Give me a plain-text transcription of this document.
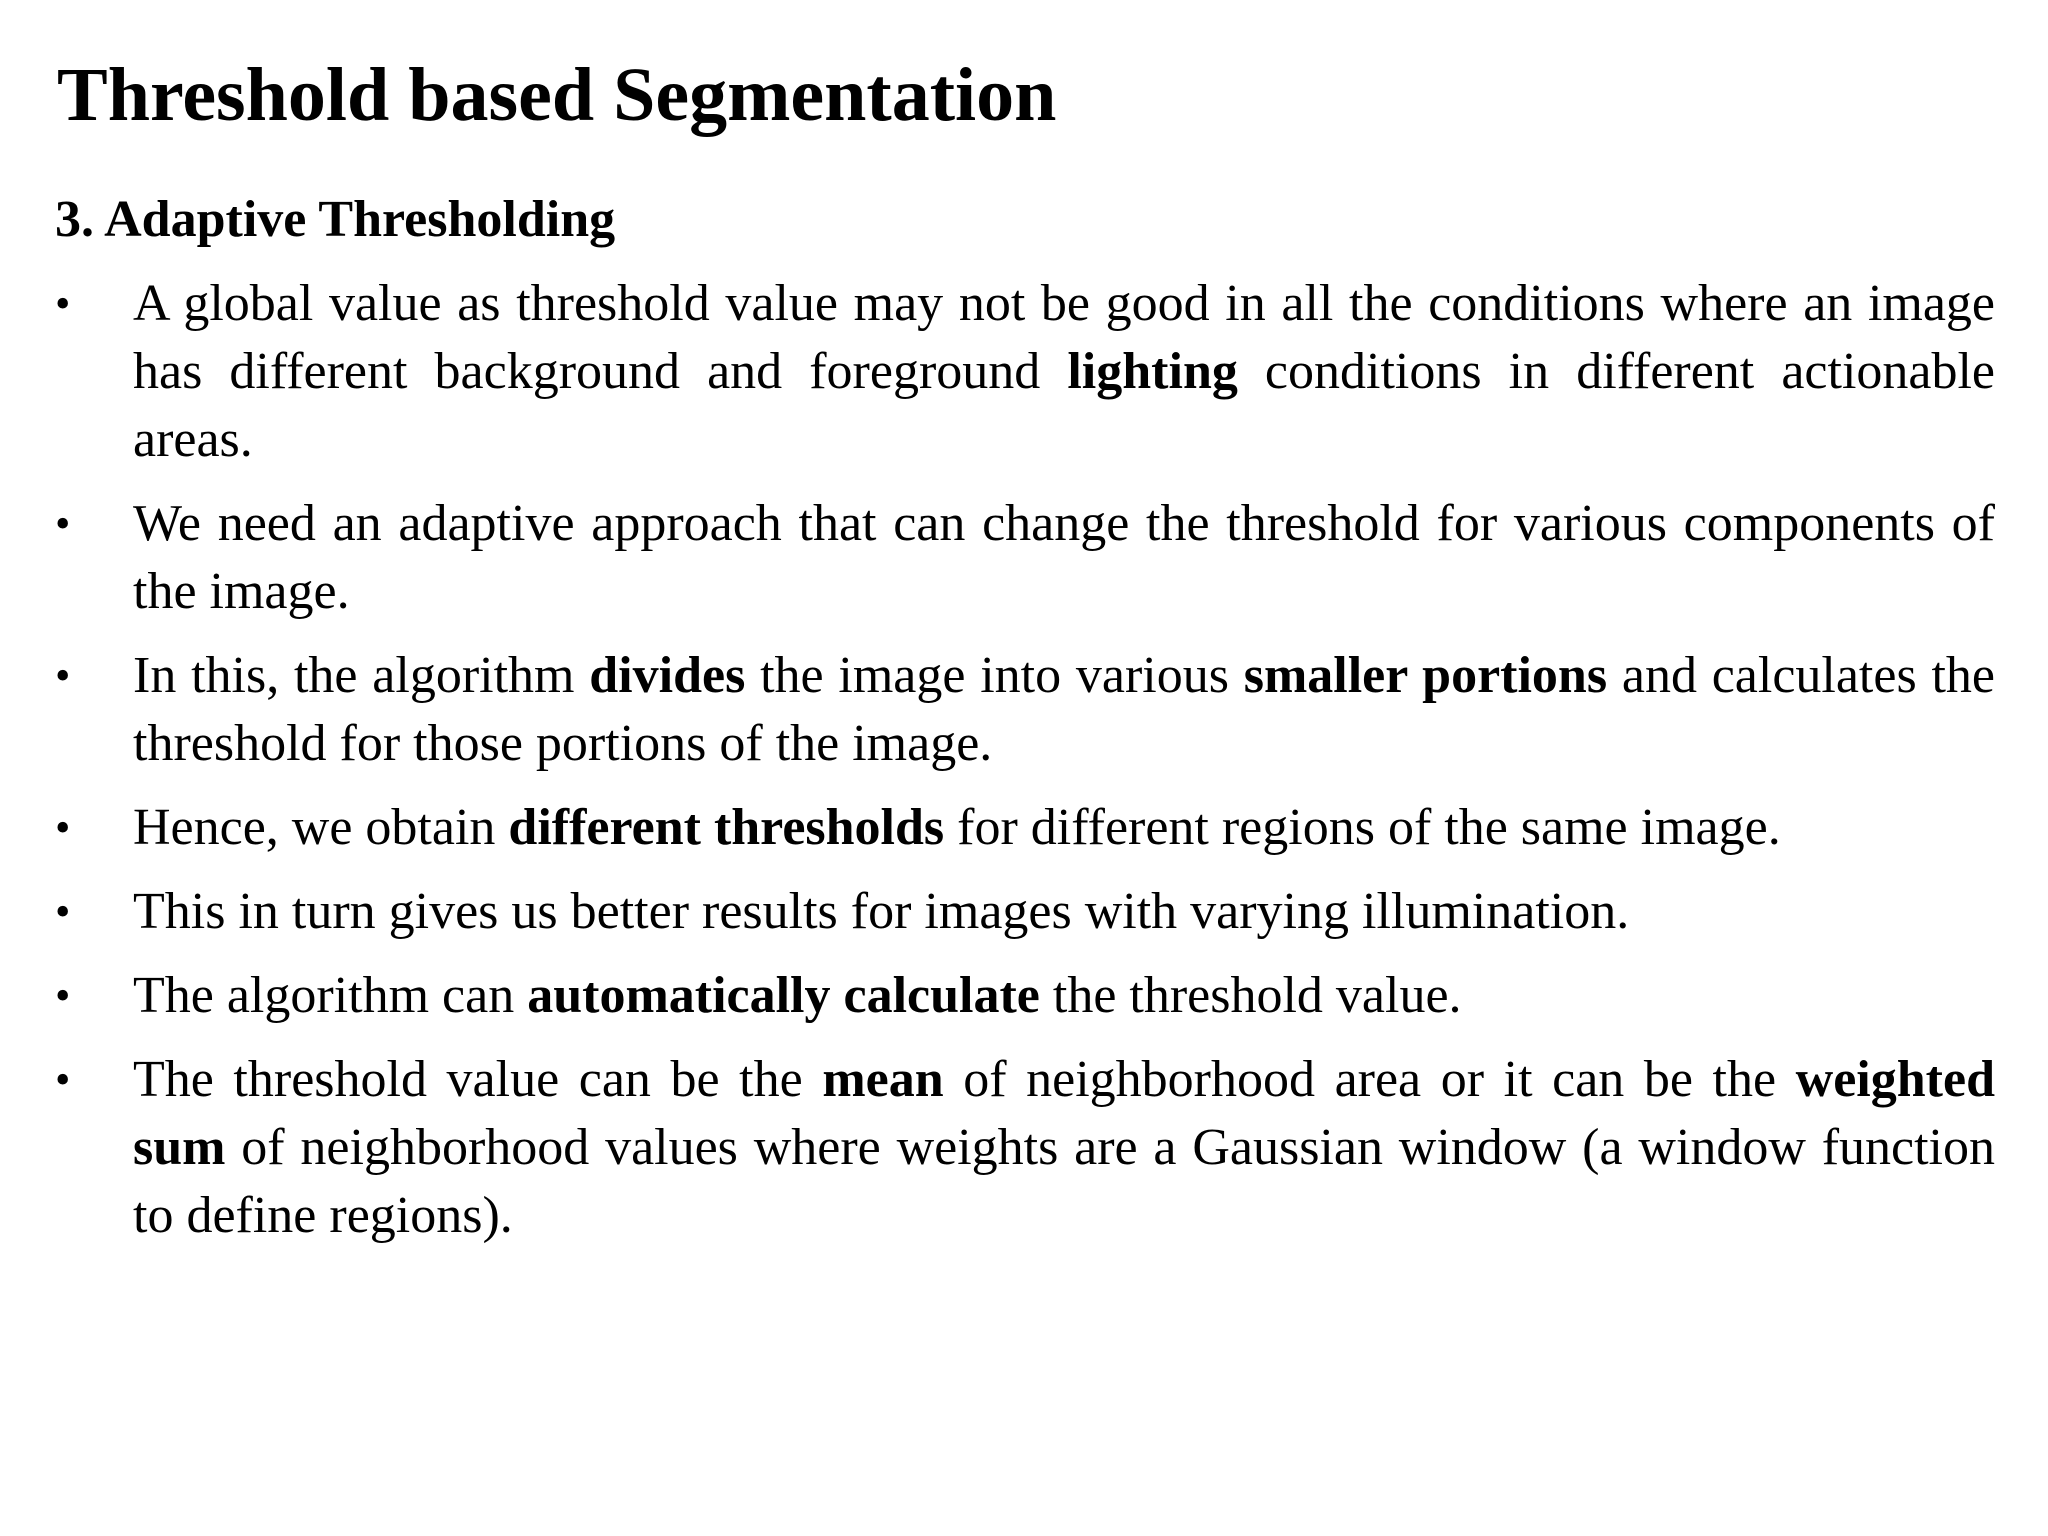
Threshold based Segmentation
3. Adaptive Thresholding
•	A global value as threshold value may not be good in all the conditions where an image has different background and foreground lighting conditions in different actionable areas.
•	We need an adaptive approach that can change the threshold for various components of the image.
•	In this, the algorithm divides the image into various smaller portions and calculates the threshold for those portions of the image.
•	Hence, we obtain different thresholds for different regions of the same image.
•	This in turn gives us better results for images with varying illumination.
•	The algorithm can automatically calculate the threshold value.
•	The threshold value can be the mean of neighborhood area or it can be the weighted sum of neighborhood values where weights are a Gaussian window (a window function to define regions).
